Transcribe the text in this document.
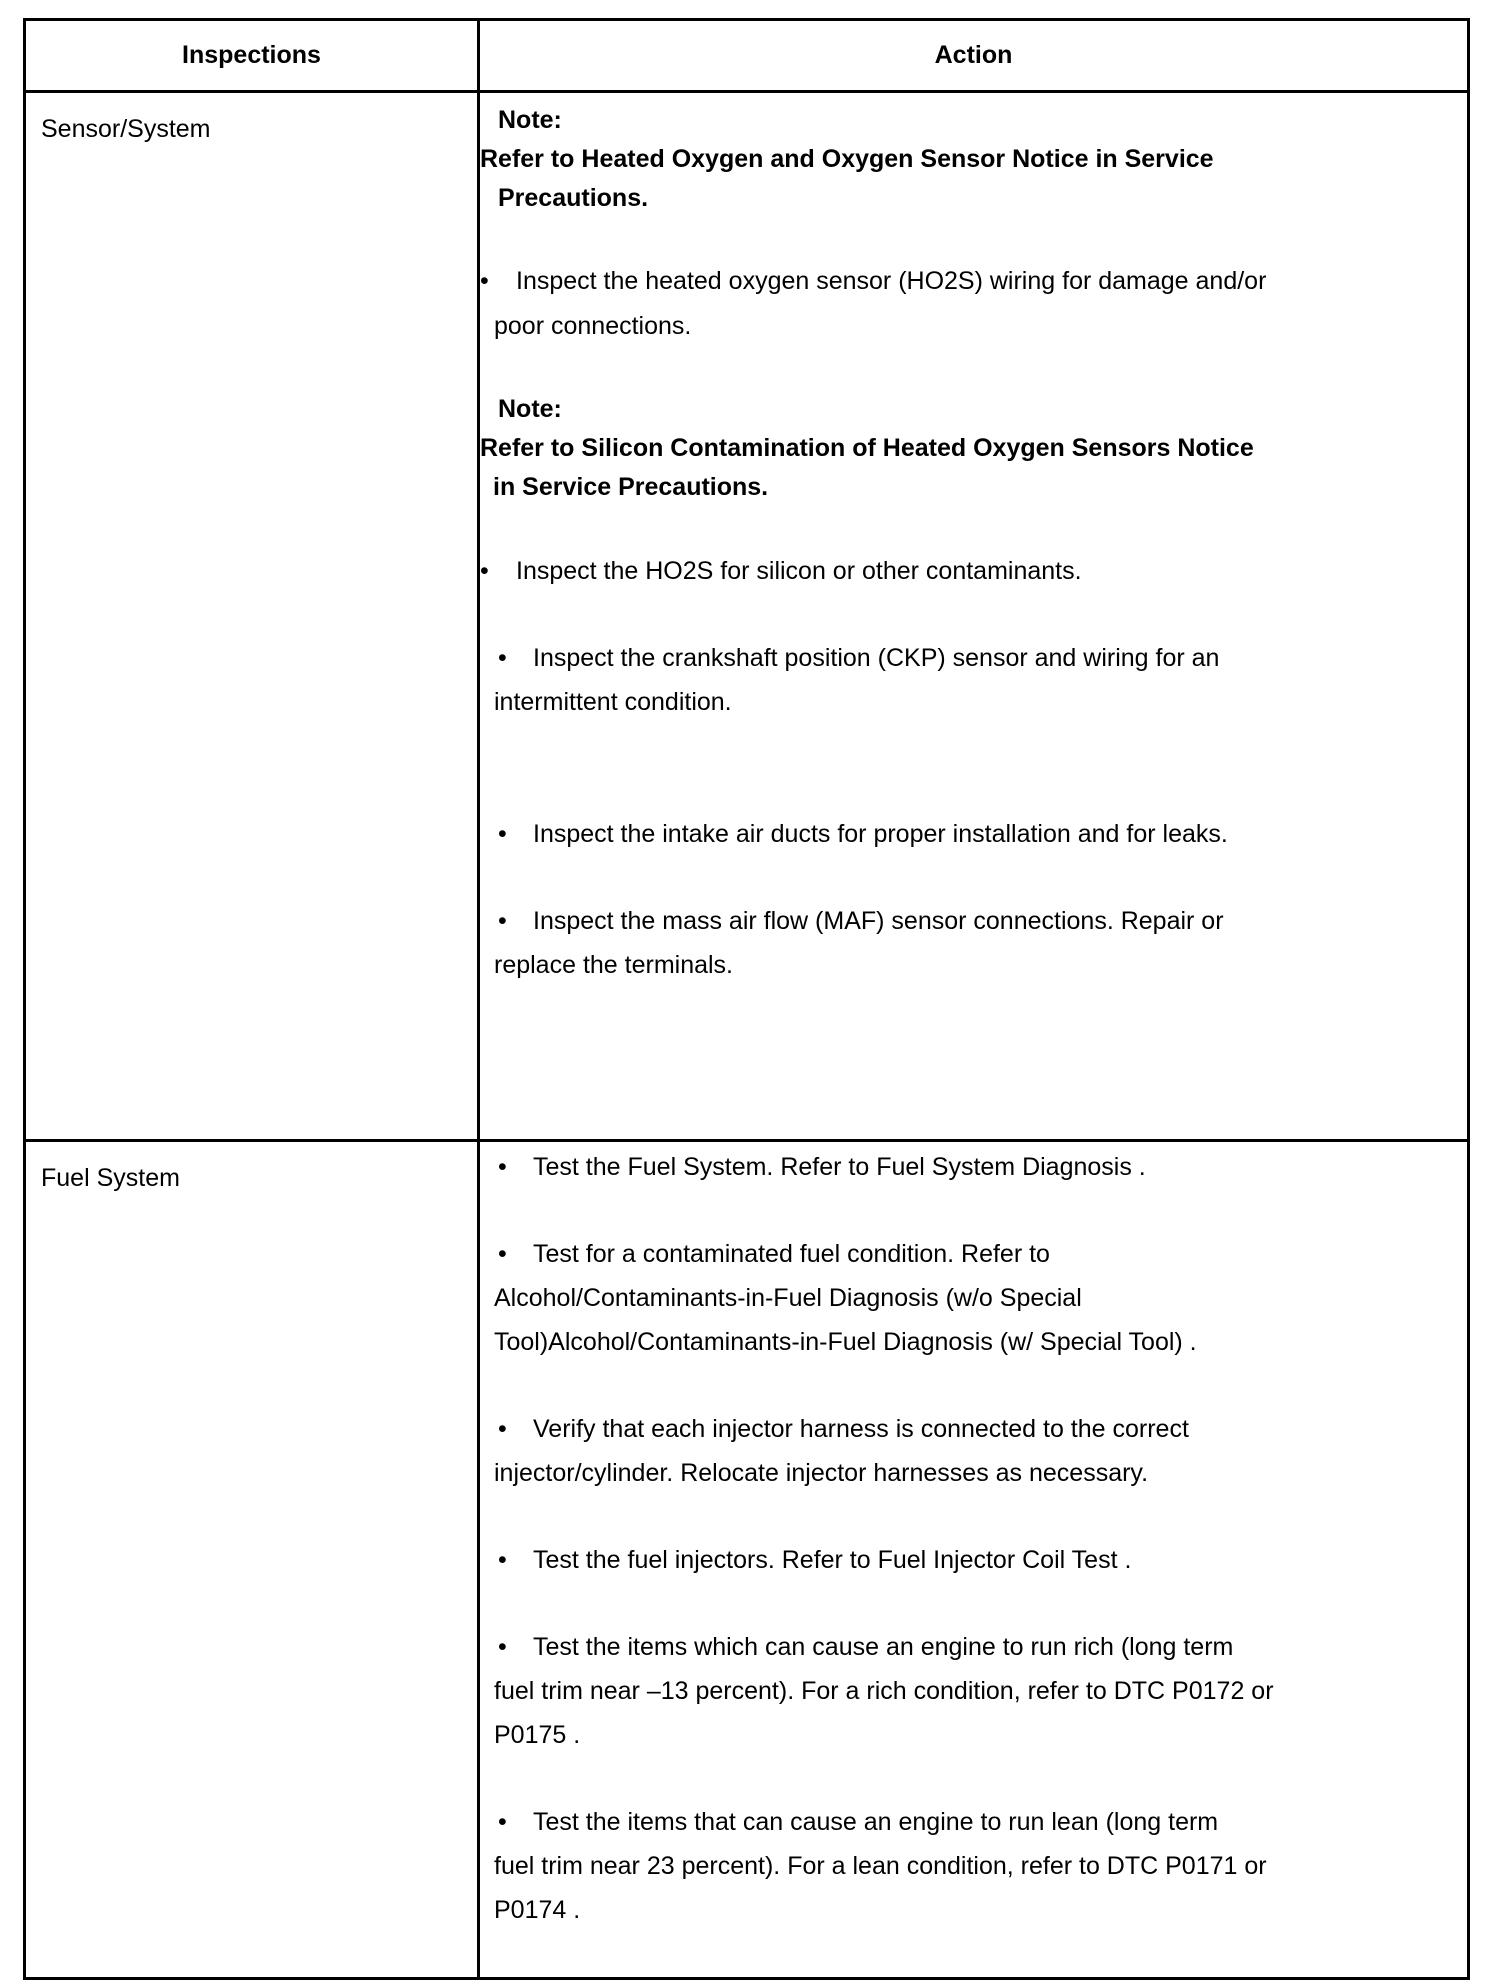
Inspections	Action
Sensor/System	Note:
Refer to Heated Oxygen and Oxygen Sensor Notice in Service
Precautions.
• Inspect the heated oxygen sensor (HO2S) wiring for damage and/or
poor connections.
Note:
Refer to Silicon Contamination of Heated Oxygen Sensors Notice
in Service Precautions.
• Inspect the HO2S for silicon or other contaminants.
• Inspect the crankshaft position (CKP) sensor and wiring for an
intermittent condition.
• Inspect the intake air ducts for proper installation and for leaks.
• Inspect the mass air flow (MAF) sensor connections. Repair or
replace the terminals.
Fuel System	• Test the Fuel System. Refer to Fuel System Diagnosis .
• Test for a contaminated fuel condition. Refer to
Alcohol/Contaminants-in-Fuel Diagnosis (w/o Special
Tool)Alcohol/Contaminants-in-Fuel Diagnosis (w/ Special Tool) .
• Verify that each injector harness is connected to the correct
injector/cylinder. Relocate injector harnesses as necessary.
• Test the fuel injectors. Refer to Fuel Injector Coil Test .
• Test the items which can cause an engine to run rich (long term
fuel trim near –13 percent). For a rich condition, refer to DTC P0172 or
P0175 .
• Test the items that can cause an engine to run lean (long term
fuel trim near 23 percent). For a lean condition, refer to DTC P0171 or
P0174 .
